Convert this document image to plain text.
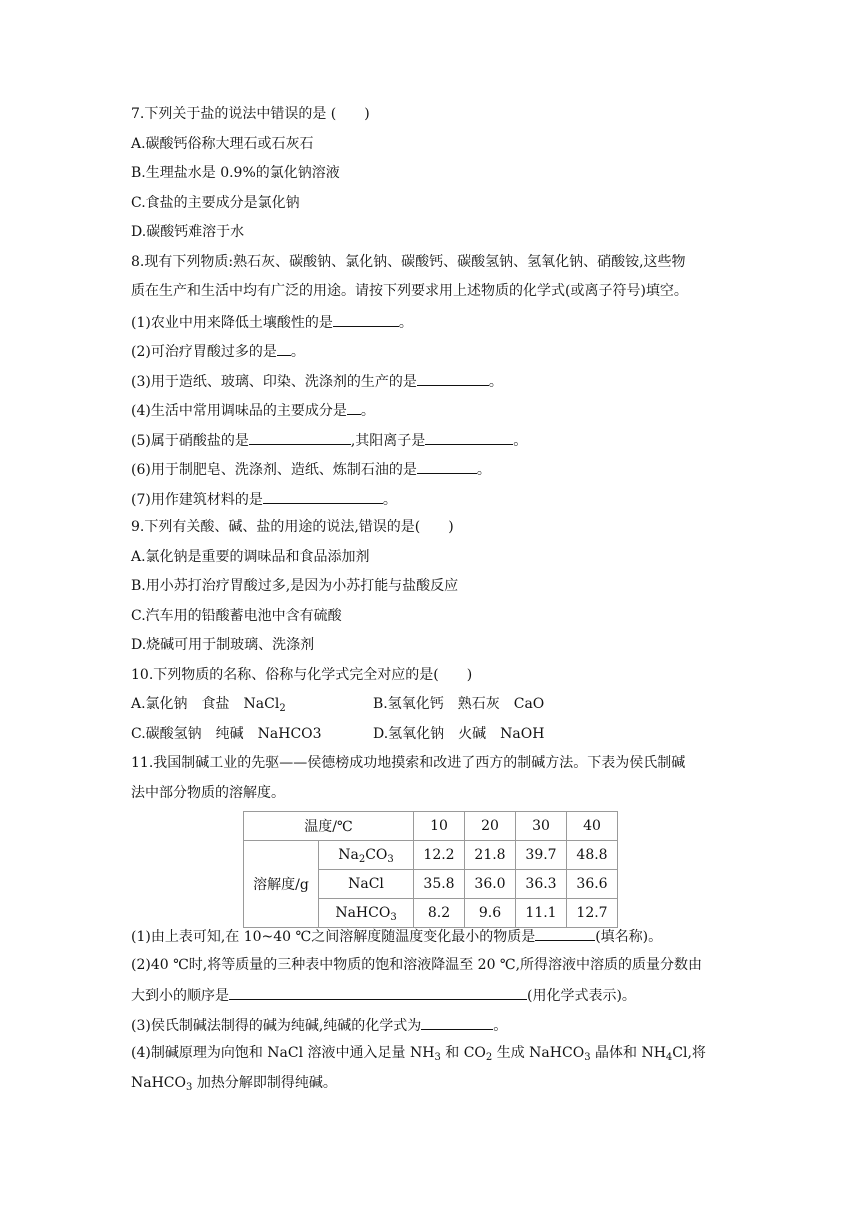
7.下列关于盐的说法中错误的是 (　　)
A.碳酸钙俗称大理石或石灰石
B.生理盐水是 0.9%的氯化钠溶液
C.食盐的主要成分是氯化钠
D.碳酸钙难溶于水
8.现有下列物质:熟石灰、碳酸钠、氯化钠、碳酸钙、碳酸氢钠、氢氧化钠、硝酸铵,这些物
质在生产和生活中均有广泛的用途。请按下列要求用上述物质的化学式(或离子符号)填空。
(1)农业中用来降低土壤酸性的是	。
(2)可治疗胃酸过多的是 。
(3)用于造纸、玻璃、印染、洗涤剂的生产的是	。
(4)生活中常用调味品的主要成分是 。
(5)属于硝酸盐的是	,其阳离子是	。
(6)用于制肥皂、洗涤剂、造纸、炼制石油的是	。
(7)用作建筑材料的是	。
9.下列有关酸、碱、盐的用途的说法,错误的是(　　)
A.氯化钠是重要的调味品和食品添加剂
B.用小苏打治疗胃酸过多,是因为小苏打能与盐酸反应
C.汽车用的铅酸蓄电池中含有硫酸
D.烧碱可用于制玻璃、洗涤剂
10.下列物质的名称、俗称与化学式完全对应的是(　　)
A.氯化钠　食盐　NaCl$_2$	B.氢氧化钙　熟石灰　CaO
C.碳酸氢钠　纯碱　NaHCO3	D.氢氧化钠　火碱　NaOH
11.我国制碱工业的先驱——侯德榜成功地摸索和改进了西方的制碱方法。下表为侯氏制碱
法中部分物质的溶解度。
温度/℃		10	20	30	40
溶解度/g	$Na_2CO_3$	12.2	21.8	39.7	48.8
	NaCl	35.8	36.0	36.3	36.6
	NaHCO$_3$	8.2	9.6	11.1	12.7
(1)由上表可知,在 10~40 ℃之间溶解度随温度变化最小的物质是	(填名称)。
(2)40 ℃时,将等质量的三种表中物质的饱和溶液降温至 20 ℃,所得溶液中溶质的质量分数由
大到小的顺序是	(用化学式表示)。
(3)侯氏制碱法制得的碱为纯碱,纯碱的化学式为	。
(4)制碱原理为向饱和 NaCl 溶液中通入足量 $NH_3$ 和 $CO_2$ 生成 NaHCO$_3$ 晶体和 $NH_4Cl$,将
NaHCO$_3$ 加热分解即制得纯碱。
